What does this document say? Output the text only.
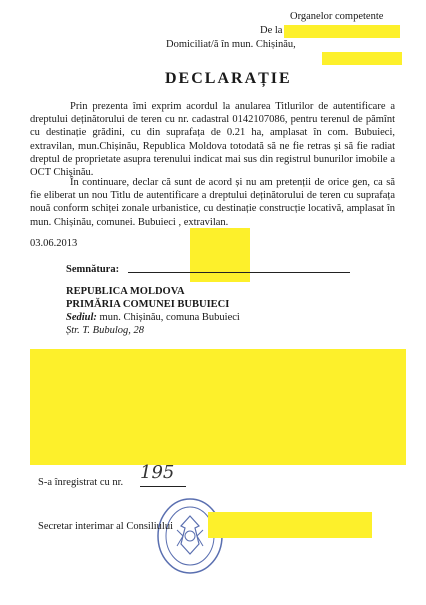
Organelor competente
De la
Domiciliat/ă în mun. Chișinău,
DECLARAȚIE
Prin prezenta îmi exprim acordul la anularea Titlurilor de autentificare a dreptului deținătorului de teren cu nr. cadastral 0142107086, pentru terenul de pămînt cu destinație grădini, cu din suprafața de 0.21 ha, amplasat în com. Bubuieci, extravilan, mun.Chișinău, Republica Moldova totodată să ne fie retras și să fie radiat dreptul de proprietate asupra terenului indicat mai sus din registrul bunurilor imobile a OCT Chișinău.
În continuare, declar că sunt de acord și nu am pretenții de orice gen, ca să fie eliberat un nou Titlu de autentificare a dreptului deținătorului de teren cu suprafața nouă conform schiței zonale urbanistice, cu destinație construcție locativă, amplasat în mun. Chișinău, comunei. Bubuieci , extravilan.
03.06.2013
Semnătura:
REPUBLICA MOLDOVA
PRIMĂRIA COMUNEI BUBUIECI
Sediul: mun. Chișinău, comuna Bubuieci
Ștr. T. Bubulog, 28
S-a înregistrat cu nr. 195
Secretar interimar al Consiliului
